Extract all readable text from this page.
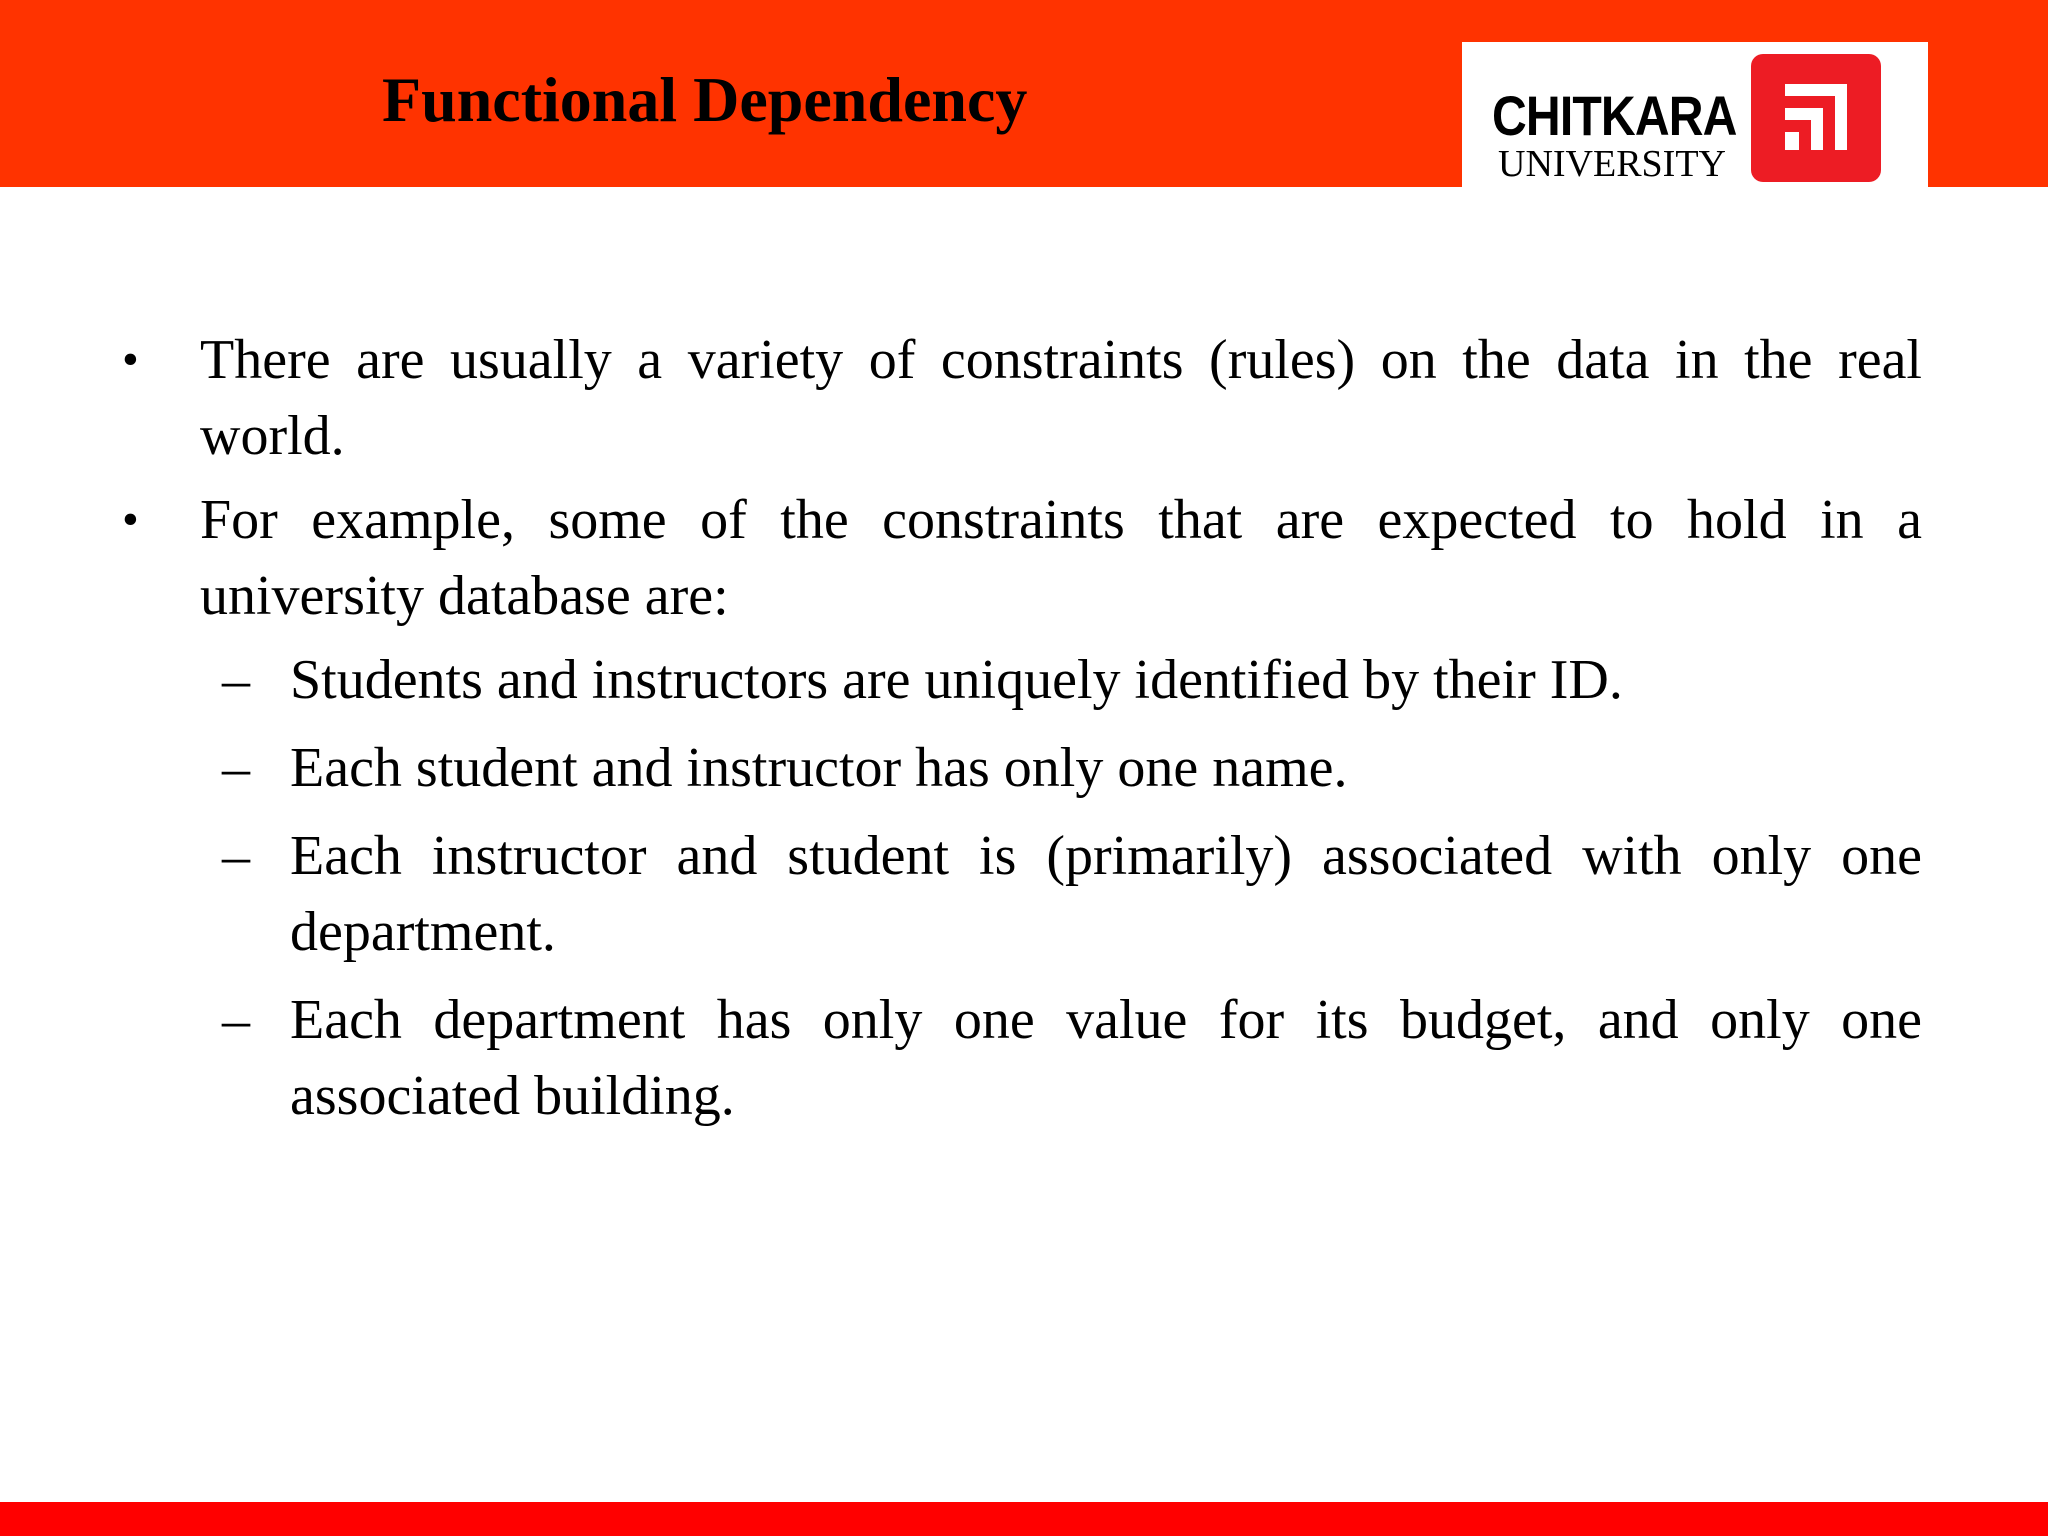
Functional Dependency	CHITKARA
UNIVERSITY
• There are usually a variety of constraints (rules) on the data in the real world.
• For example, some of the constraints that are expected to hold in a university database are:
– Students and instructors are uniquely identified by their ID.
– Each student and instructor has only one name.
– Each instructor and student is (primarily) associated with only one department.
– Each department has only one value for its budget, and only one associated building.
